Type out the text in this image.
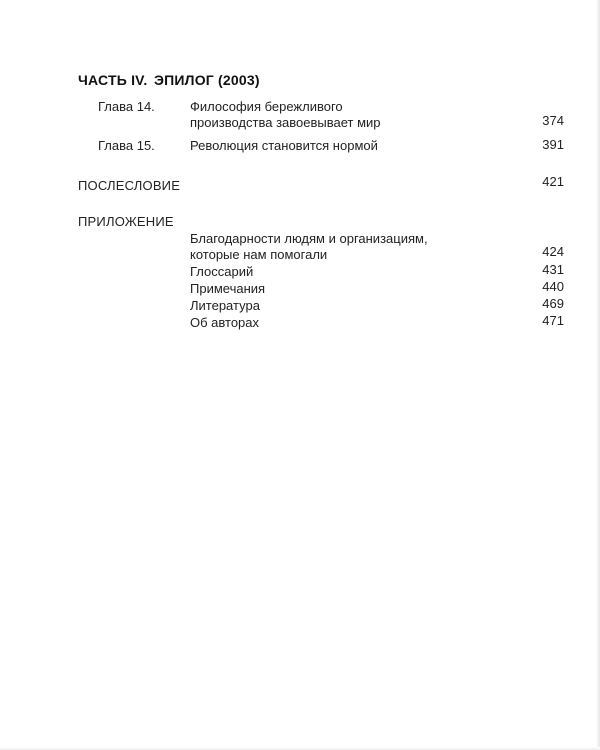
ЧАСТЬ IV. ЭПИЛОГ (2003)
Глава 14.	Философия бережливого
производства завоевывает мир	374
Глава 15.	Революция становится нормой	391
ПОСЛЕСЛОВИЕ	421
ПРИЛОЖЕНИЕ
Благодарности людям и организациям,
которые нам помогали	424
Глоссарий	431
Примечания	440
Литература	469
Об авторах	471
